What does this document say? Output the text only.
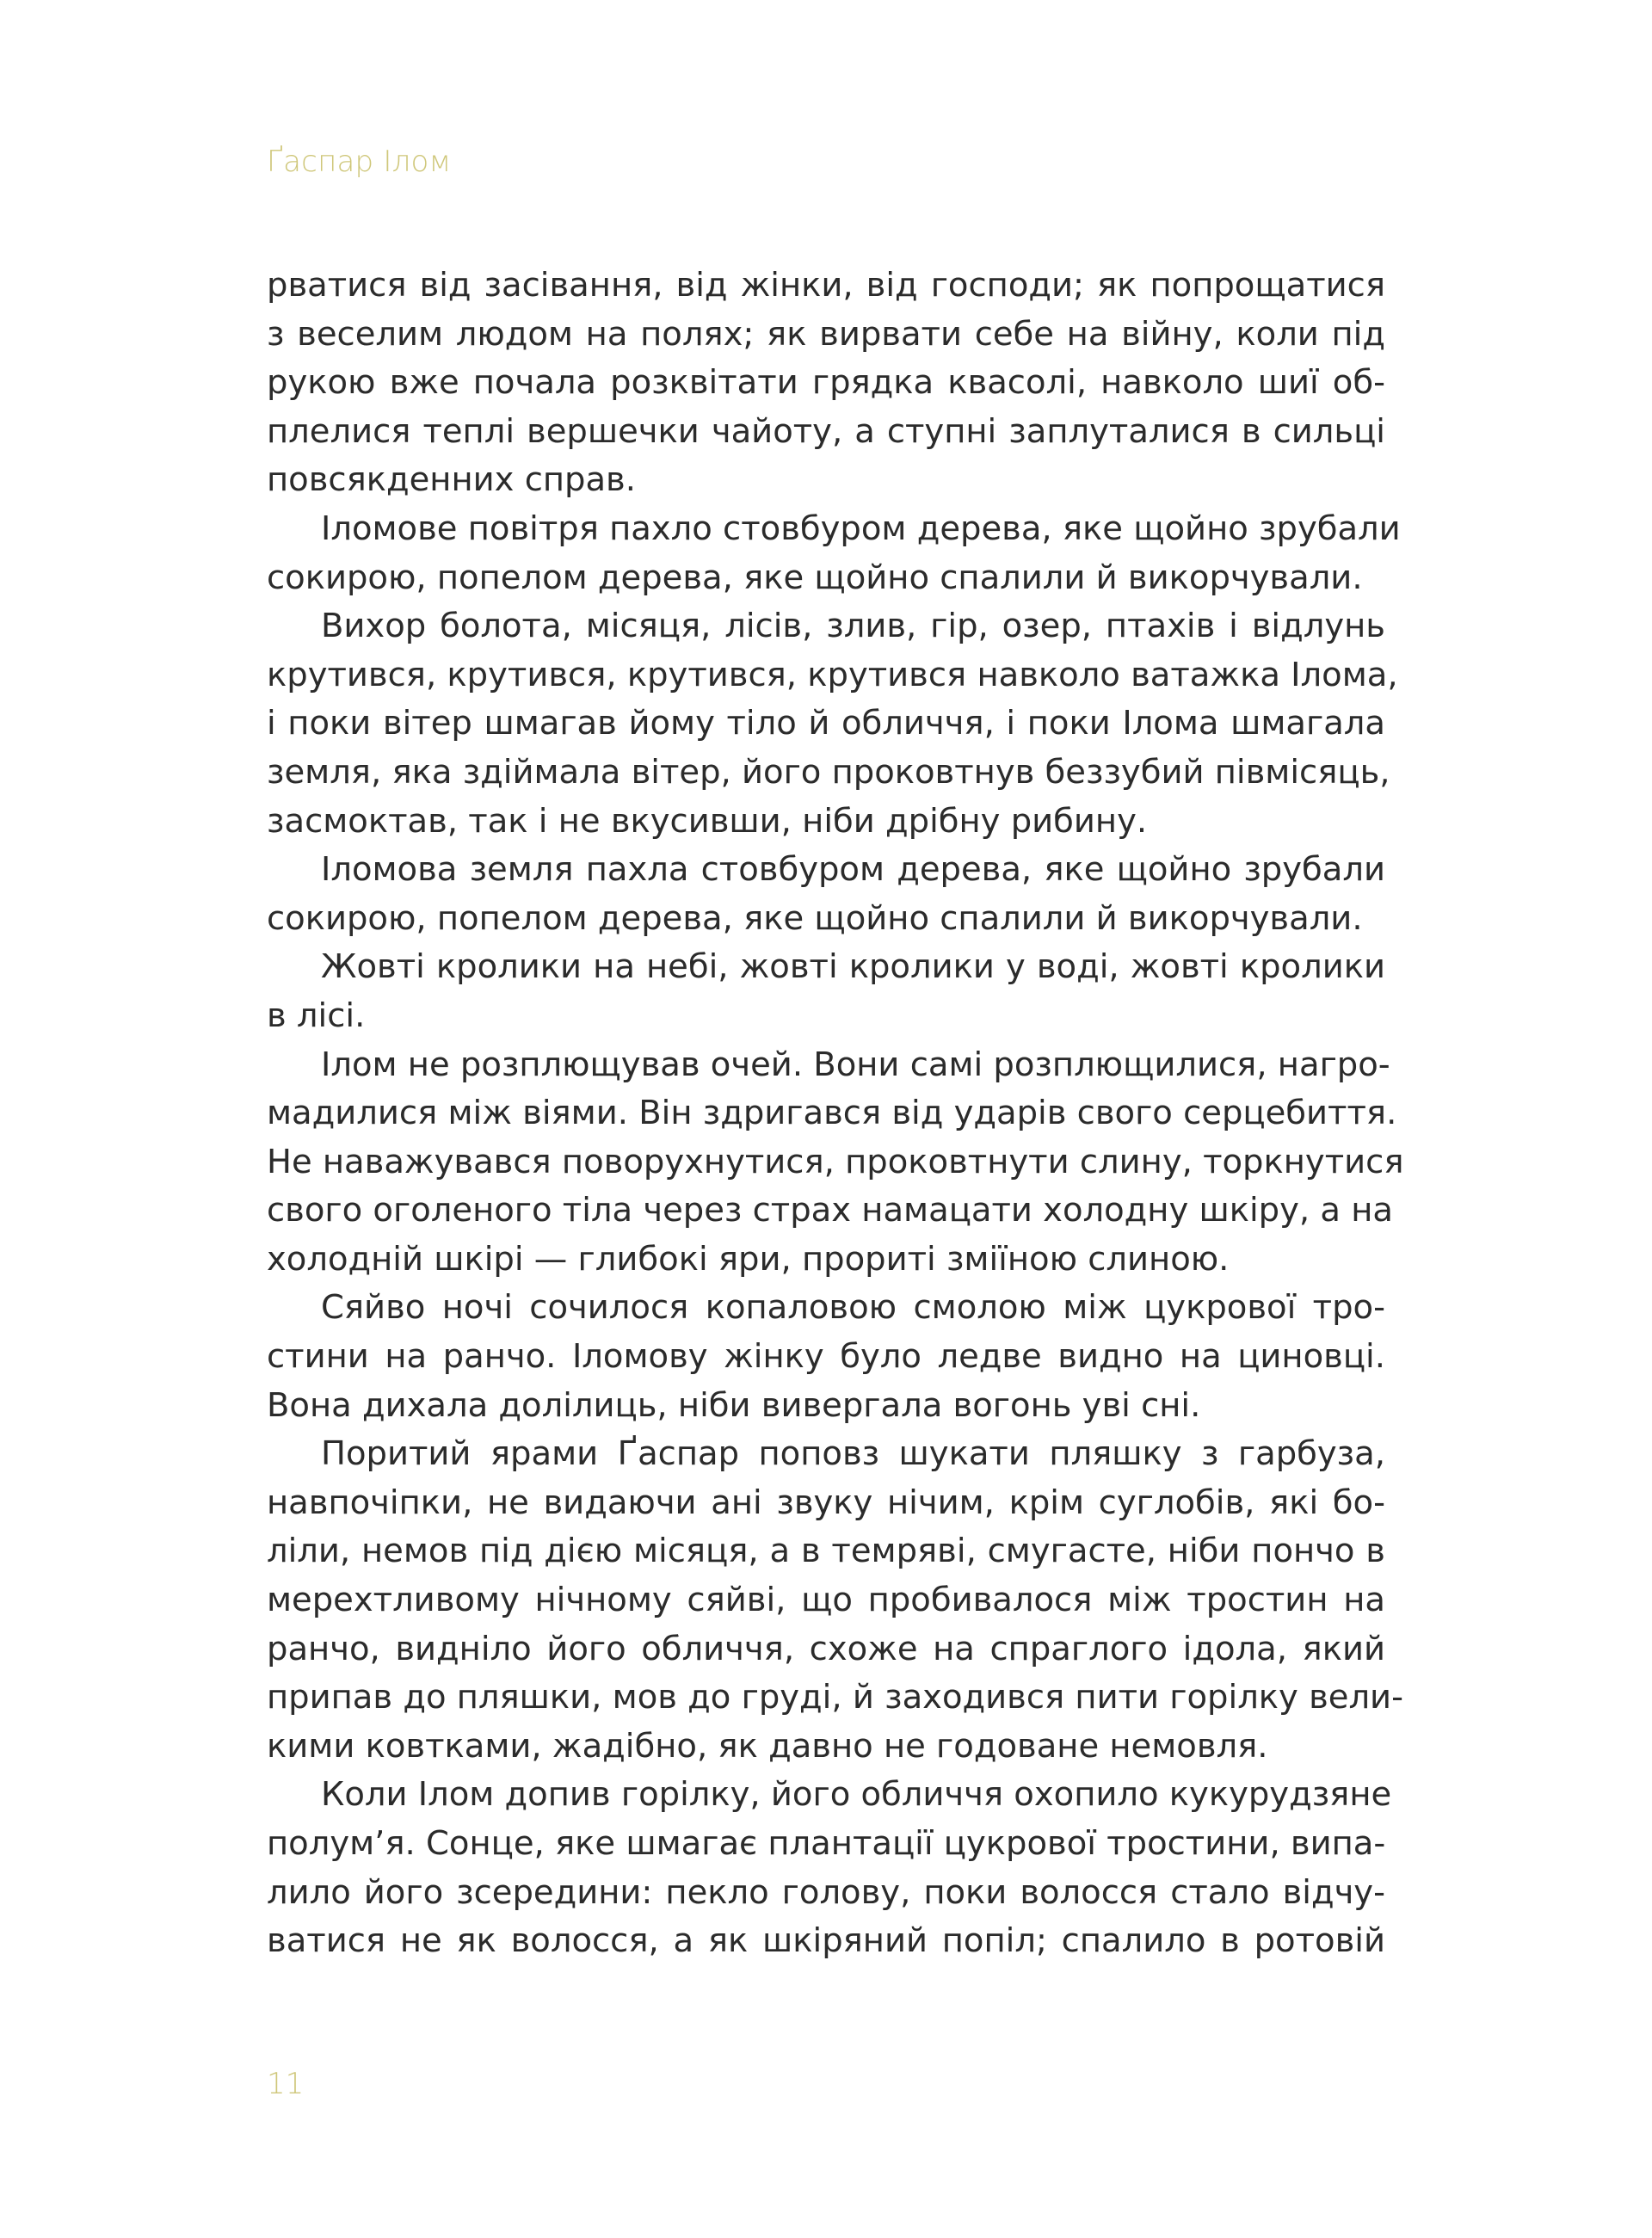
Ґаспар Ілом
рватися від засівання, від жінки, від господи; як попрощатися
з веселим людом на полях; як вирвати себе на війну, коли під
рукою вже почала розквітати грядка квасолі, навколо шиї об-
плелися теплі вершечки чайоту, а ступні заплуталися в сильці
повсякденних справ.
Іломове повітря пахло стовбуром дерева, яке щойно зрубали
сокирою, попелом дерева, яке щойно спалили й викорчували.
Вихор болота, місяця, лісів, злив, гір, озер, птахів і відлунь
крутився, крутився, крутився, крутився навколо ватажка Ілома,
і поки вітер шмагав йому тіло й обличчя, і поки Ілома шмагала
земля, яка здіймала вітер, його проковтнув беззубий півмісяць,
засмоктав, так і не вкусивши, ніби дрібну рибину.
Іломова земля пахла стовбуром дерева, яке щойно зрубали
сокирою, попелом дерева, яке щойно спалили й викорчували.
Жовті кролики на небі, жовті кролики у воді, жовті кролики
в лісі.
Ілом не розплющував очей. Вони самі розплющилися, нагро-
мадилися між віями. Він здригався від ударів свого серцебиття.
Не наважувався поворухнутися, проковтнути слину, торкнутися
свого оголеного тіла через страх намацати холодну шкіру, а на
холодній шкірі — глибокі яри, прориті зміїною слиною.
Сяйво ночі сочилося копаловою смолою між цукрової тро-
стини на ранчо. Іломову жінку було ледве видно на циновці.
Вона дихала долілиць, ніби вивергала вогонь уві сні.
Поритий ярами Ґаспар поповз шукати пляшку з гарбуза,
навпочіпки, не видаючи ані звуку нічим, крім суглобів, які бо-
ліли, немов під дією місяця, а в темряві, смугасте, ніби пончо в
мерехтливому нічному сяйві, що пробивалося між тростин на
ранчо, видніло його обличчя, схоже на спраглого ідола, який
припав до пляшки, мов до груді, й заходився пити горілку вели-
кими ковтками, жадібно, як давно не годоване немовля.
Коли Ілом допив горілку, його обличчя охопило кукурудзяне
полум’я. Сонце, яке шмагає плантації цукрової тростини, випа-
лило його зсередини: пекло голову, поки волосся стало відчу-
ватися не як волосся, а як шкіряний попіл; спалило в ротовій
11
